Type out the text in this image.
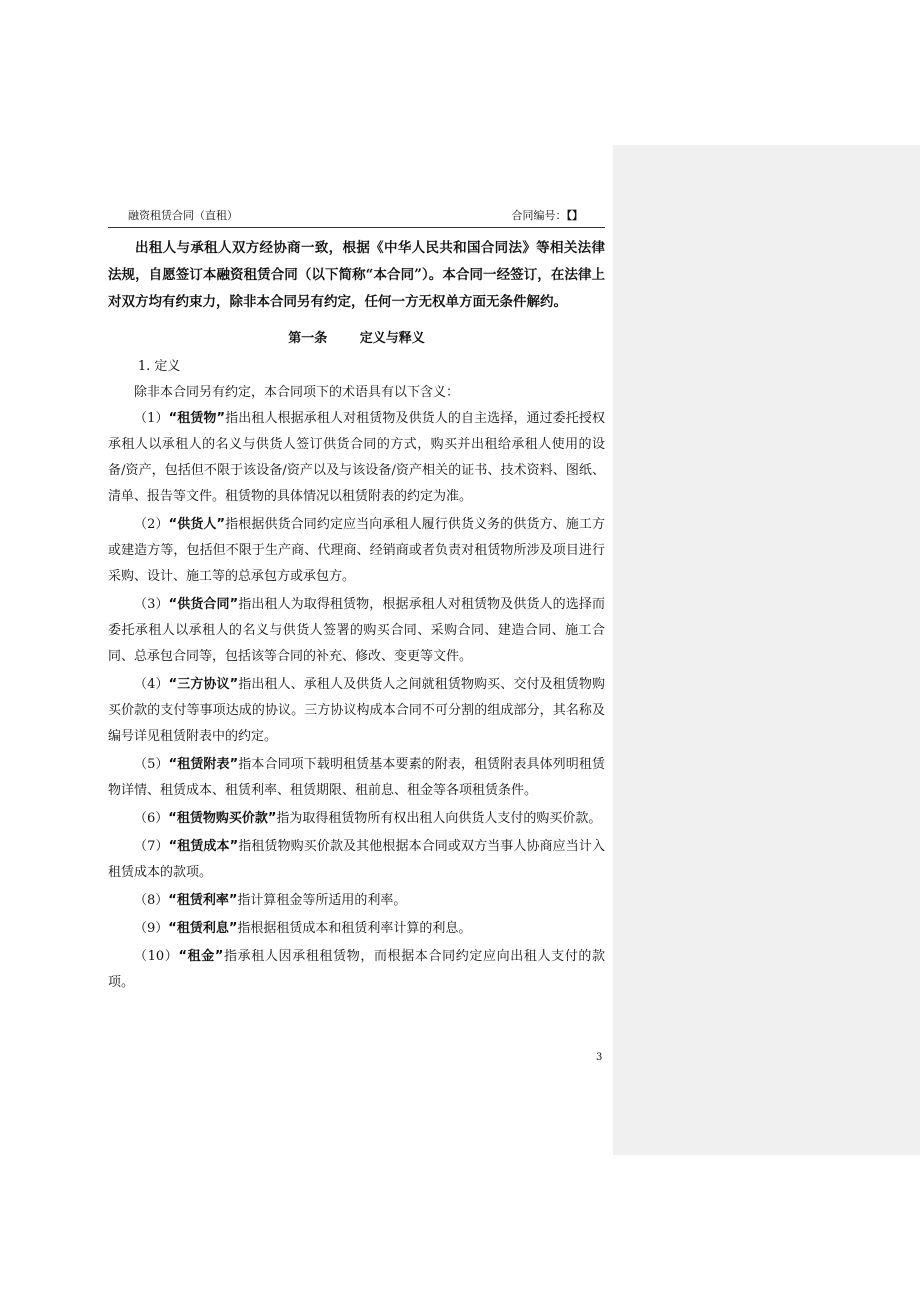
融资租赁合同（直租）	合同编号：【】

出租人与承租人双方经协商一致，根据《中华人民共和国合同法》等相关法律法规，自愿签订本融资租赁合同（以下简称“本合同”）。本合同一经签订，在法律上对双方均有约束力，除非本合同另有约定，任何一方无权单方面无条件解约。

第一条	定义与释义

1. 定义

除非本合同另有约定，本合同项下的术语具有以下含义：

（1）“租赁物”指出租人根据承租人对租赁物及供货人的自主选择，通过委托授权承租人以承租人的名义与供货人签订供货合同的方式，购买并出租给承租人使用的设备/资产，包括但不限于该设备/资产以及与该设备/资产相关的证书、技术资料、图纸、清单、报告等文件。租赁物的具体情况以租赁附表的约定为准。

（2）“供货人”指根据供货合同约定应当向承租人履行供货义务的供货方、施工方或建造方等，包括但不限于生产商、代理商、经销商或者负责对租赁物所涉及项目进行采购、设计、施工等的总承包方或承包方。

（3）“供货合同”指出租人为取得租赁物，根据承租人对租赁物及供货人的选择而委托承租人以承租人的名义与供货人签署的购买合同、采购合同、建造合同、施工合同、总承包合同等，包括该等合同的补充、修改、变更等文件。

（4）“三方协议”指出租人、承租人及供货人之间就租赁物购买、交付及租赁物购买价款的支付等事项达成的协议。三方协议构成本合同不可分割的组成部分，其名称及编号详见租赁附表中的约定。

（5）“租赁附表”指本合同项下载明租赁基本要素的附表，租赁附表具体列明租赁物详情、租赁成本、租赁利率、租赁期限、租前息、租金等各项租赁条件。

（6）“租赁物购买价款”指为取得租赁物所有权出租人向供货人支付的购买价款。

（7）“租赁成本”指租赁物购买价款及其他根据本合同或双方当事人协商应当计入租赁成本的款项。

（8）“租赁利率”指计算租金等所适用的利率。

（9）“租赁利息”指根据租赁成本和租赁利率计算的利息。

（10）“租金”指承租人因承租租赁物，而根据本合同约定应向出租人支付的款项。

3
